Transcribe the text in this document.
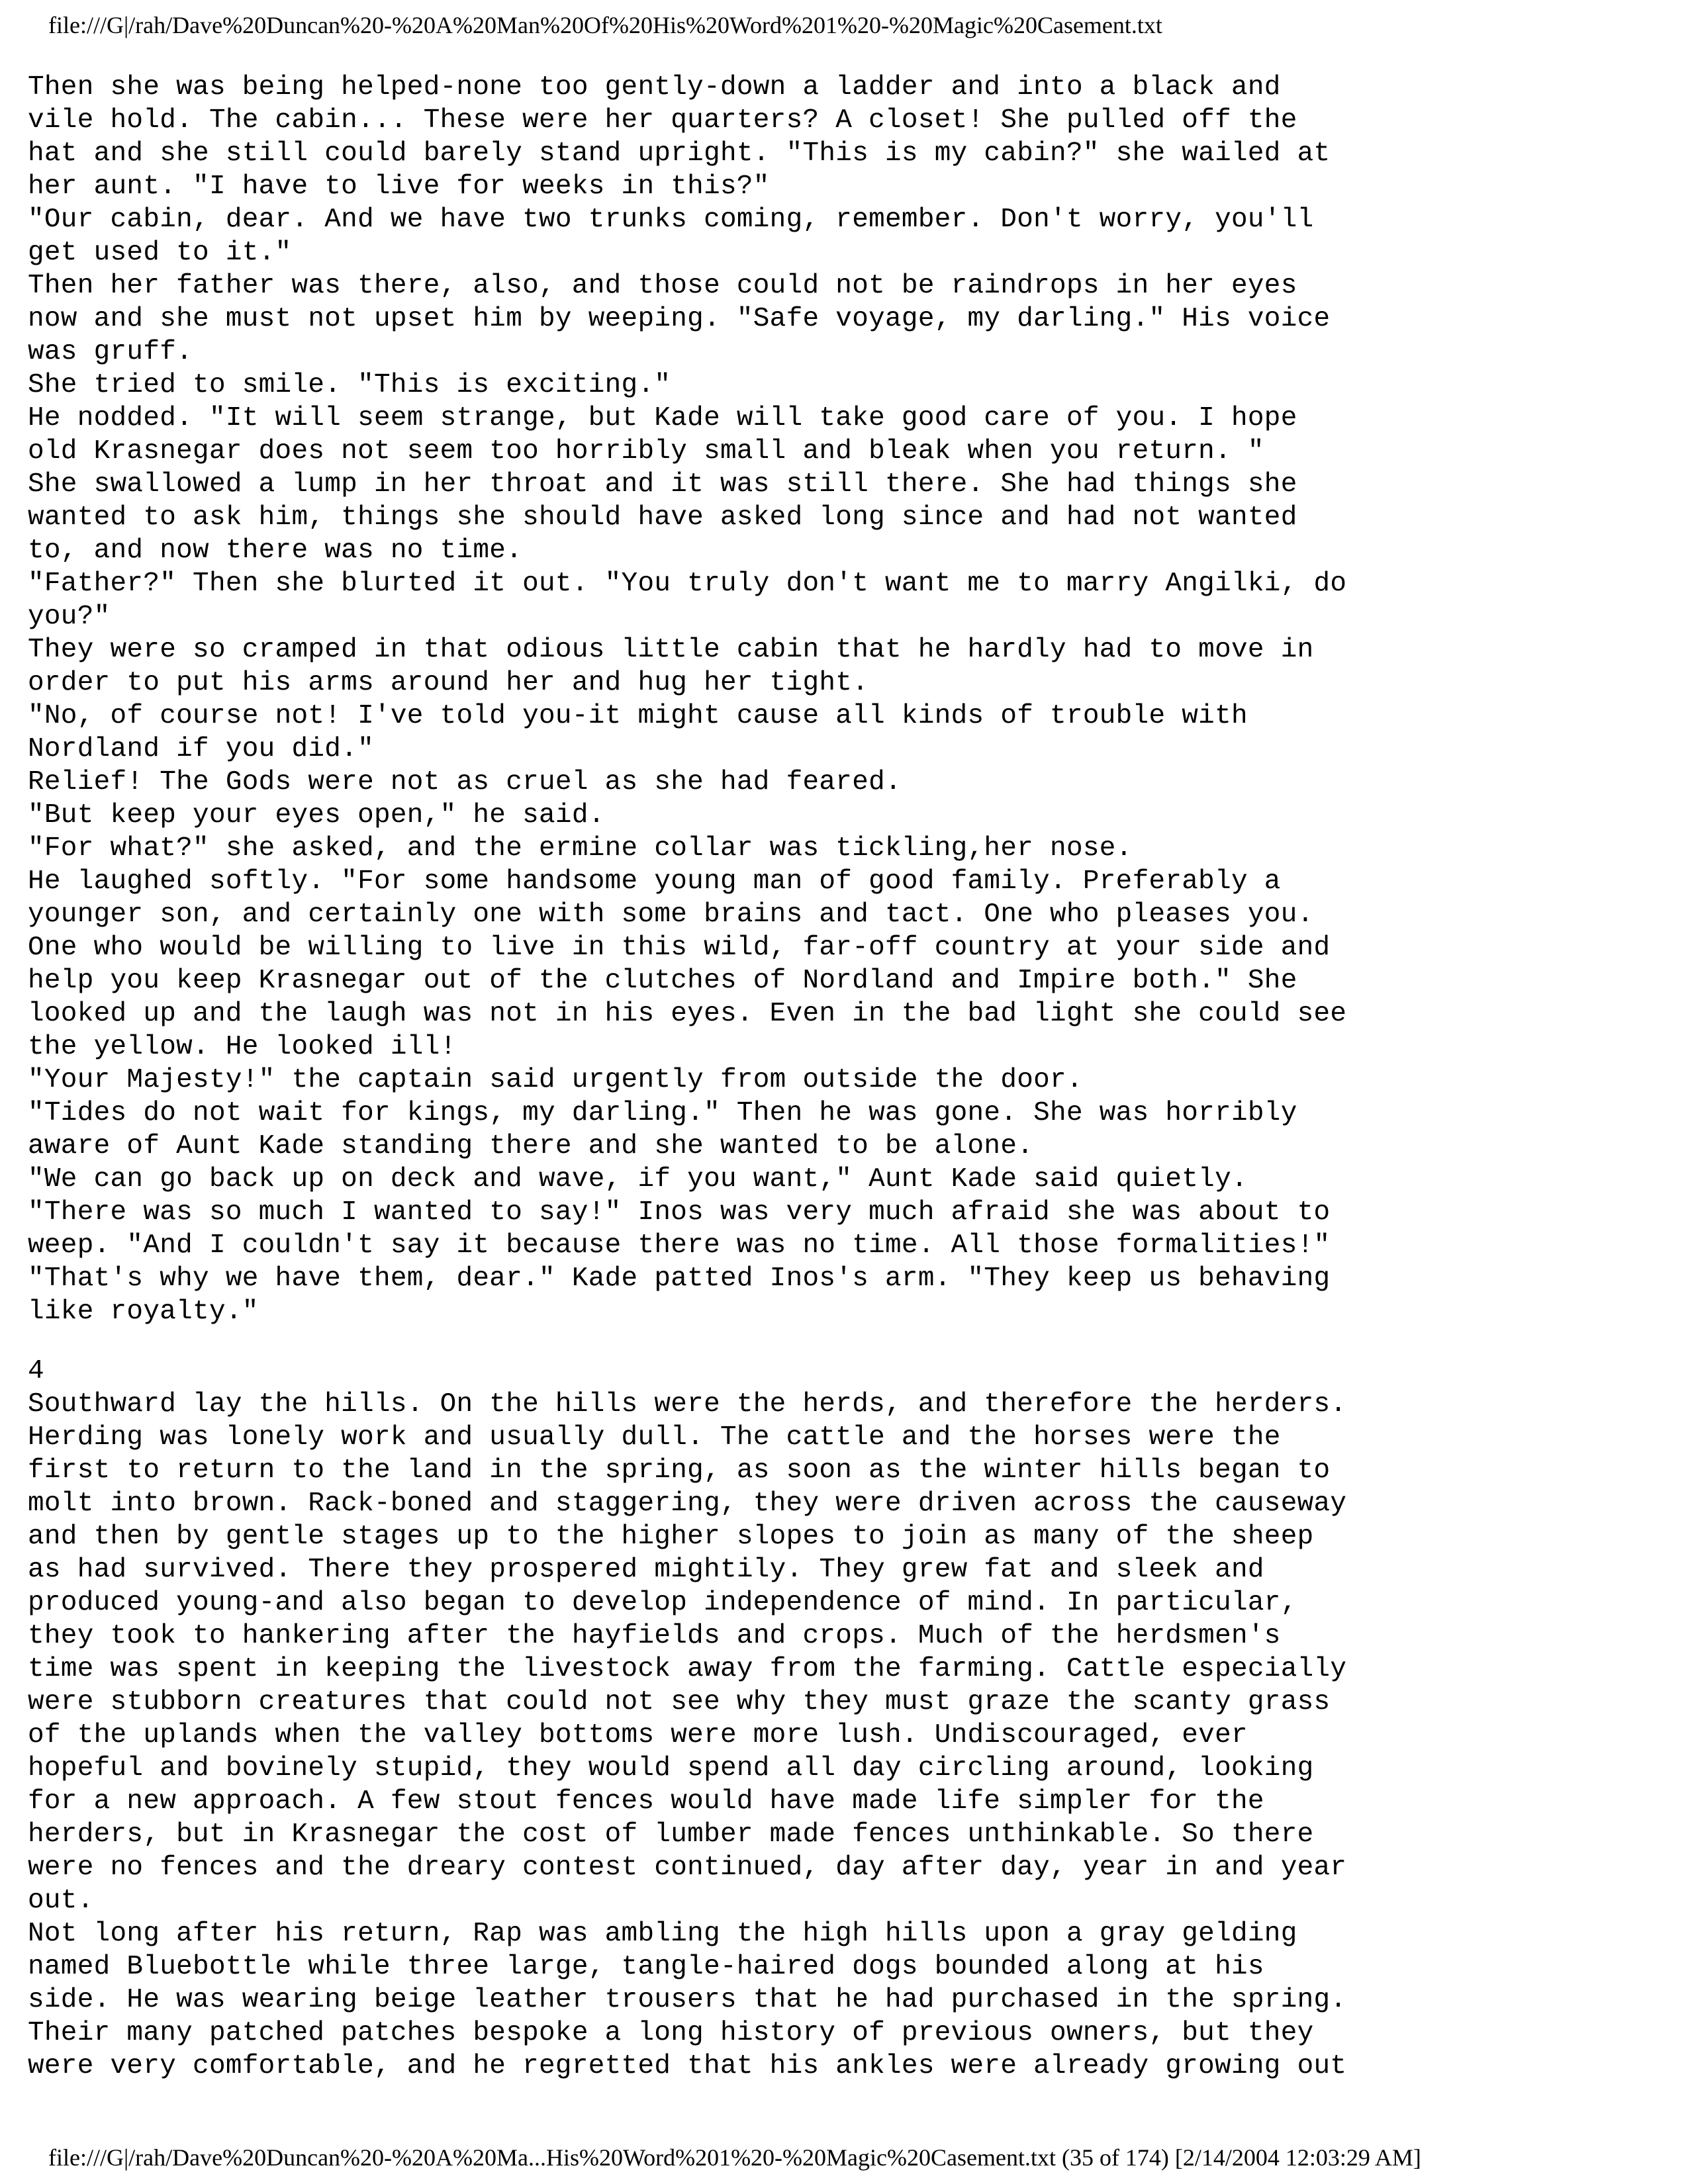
file:///G|/rah/Dave%20Duncan%20-%20A%20Man%20Of%20His%20Word%201%20-%20Magic%20Casement.txt
Then she was being helped-none too gently-down a ladder and into a black and
vile hold. The cabin... These were her quarters? A closet! She pulled off the
hat and she still could barely stand upright. "This is my cabin?" she wailed at
her aunt. "I have to live for weeks in this?"
"Our cabin, dear. And we have two trunks coming, remember. Don't worry, you'll
get used to it."
Then her father was there, also, and those could not be raindrops in her eyes
now and she must not upset him by weeping. "Safe voyage, my darling." His voice
was gruff.
She tried to smile. "This is exciting."
He nodded. "It will seem strange, but Kade will take good care of you. I hope
old Krasnegar does not seem too horribly small and bleak when you return. "
She swallowed a lump in her throat and it was still there. She had things she
wanted to ask him, things she should have asked long since and had not wanted
to, and now there was no time.
"Father?" Then she blurted it out. "You truly don't want me to marry Angilki, do
you?"
They were so cramped in that odious little cabin that he hardly had to move in
order to put his arms around her and hug her tight.
"No, of course not! I've told you-it might cause all kinds of trouble with
Nordland if you did."
Relief! The Gods were not as cruel as she had feared.
"But keep your eyes open," he said.
"For what?" she asked, and the ermine collar was tickling,her nose.
He laughed softly. "For some handsome young man of good family. Preferably a
younger son, and certainly one with some brains and tact. One who pleases you.
One who would be willing to live in this wild, far-off country at your side and
help you keep Krasnegar out of the clutches of Nordland and Impire both." She
looked up and the laugh was not in his eyes. Even in the bad light she could see
the yellow. He looked ill!
"Your Majesty!" the captain said urgently from outside the door.
"Tides do not wait for kings, my darling." Then he was gone. She was horribly
aware of Aunt Kade standing there and she wanted to be alone.
"We can go back up on deck and wave, if you want," Aunt Kade said quietly.
"There was so much I wanted to say!" Inos was very much afraid she was about to
weep. "And I couldn't say it because there was no time. All those formalities!"
"That's why we have them, dear." Kade patted Inos's arm. "They keep us behaving
like royalty."
4
Southward lay the hills. On the hills were the herds, and therefore the herders.
Herding was lonely work and usually dull. The cattle and the horses were the
first to return to the land in the spring, as soon as the winter hills began to
molt into brown. Rack-boned and staggering, they were driven across the causeway
and then by gentle stages up to the higher slopes to join as many of the sheep
as had survived. There they prospered mightily. They grew fat and sleek and
produced young-and also began to develop independence of mind. In particular,
they took to hankering after the hayfields and crops. Much of the herdsmen's
time was spent in keeping the livestock away from the farming. Cattle especially
were stubborn creatures that could not see why they must graze the scanty grass
of the uplands when the valley bottoms were more lush. Undiscouraged, ever
hopeful and bovinely stupid, they would spend all day circling around, looking
for a new approach. A few stout fences would have made life simpler for the
herders, but in Krasnegar the cost of lumber made fences unthinkable. So there
were no fences and the dreary contest continued, day after day, year in and year
out.
Not long after his return, Rap was ambling the high hills upon a gray gelding
named Bluebottle while three large, tangle-haired dogs bounded along at his
side. He was wearing beige leather trousers that he had purchased in the spring.
Their many patched patches bespoke a long history of previous owners, but they
were very comfortable, and he regretted that his ankles were already growing out
file:///G|/rah/Dave%20Duncan%20-%20A%20Ma...His%20Word%201%20-%20Magic%20Casement.txt (35 of 174) [2/14/2004 12:03:29 AM]
